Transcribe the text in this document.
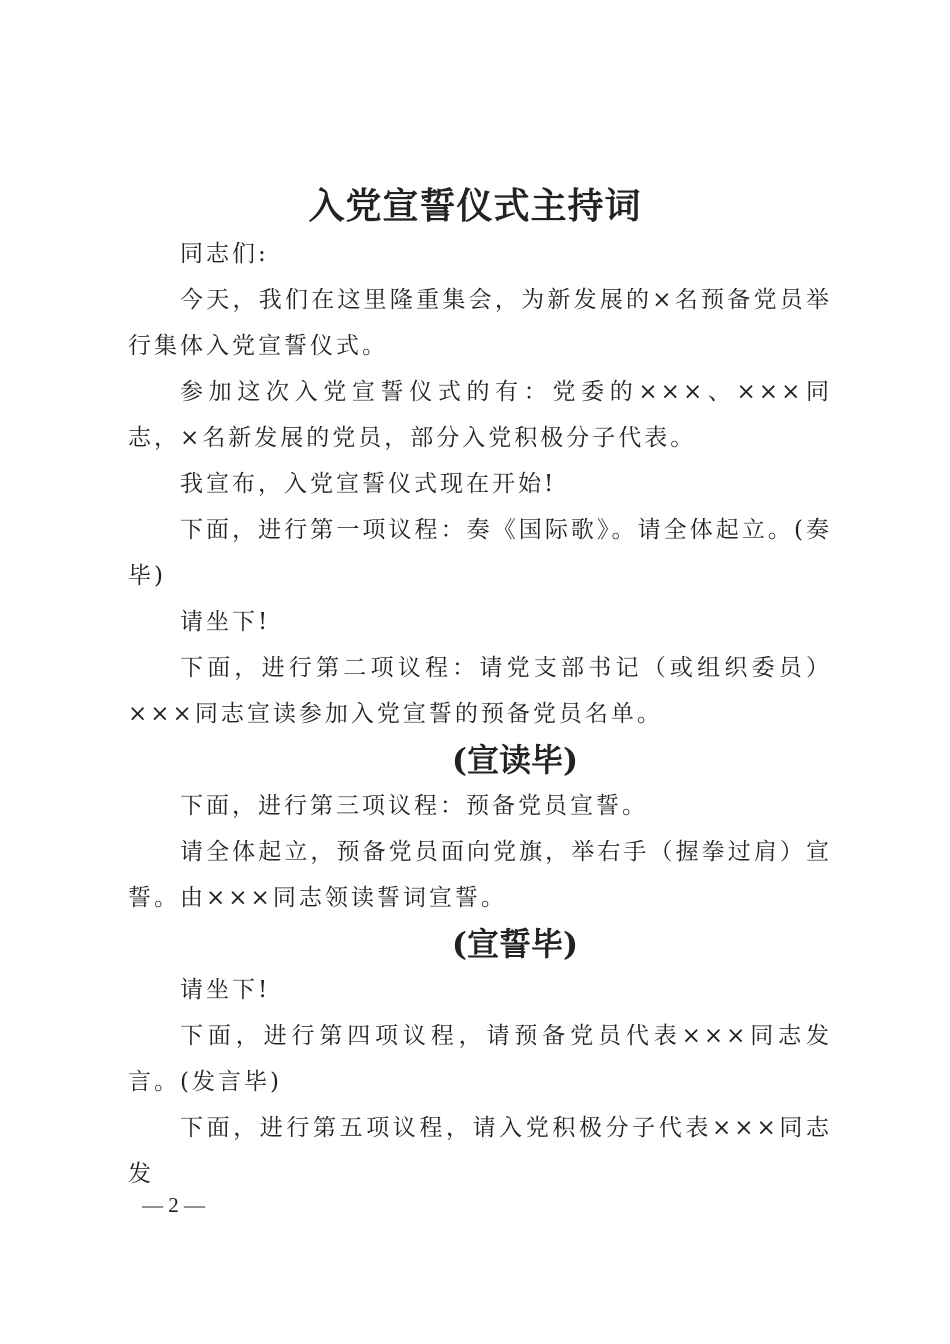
入党宣誓仪式主持词

同志们:

今天，我们在这里隆重集会，为新发展的×名预备党员举行集体入党宣誓仪式。

参加这次入党宣誓仪式的有：党委的×××、×××同志，×名新发展的党员，部分入党积极分子代表。

我宣布，入党宣誓仪式现在开始!

下面，进行第一项议程：奏《国际歌》。请全体起立。(奏毕)

请坐下!

下面，进行第二项议程：请党支部书记（或组织委员）×××同志宣读参加入党宣誓的预备党员名单。

(宣读毕)

下面，进行第三项议程：预备党员宣誓。

请全体起立，预备党员面向党旗，举右手（握拳过肩）宣誓。由×××同志领读誓词宣誓。

(宣誓毕)

请坐下!

下面，进行第四项议程，请预备党员代表×××同志发言。(发言毕)

下面，进行第五项议程，请入党积极分子代表×××同志发

— 2 —
